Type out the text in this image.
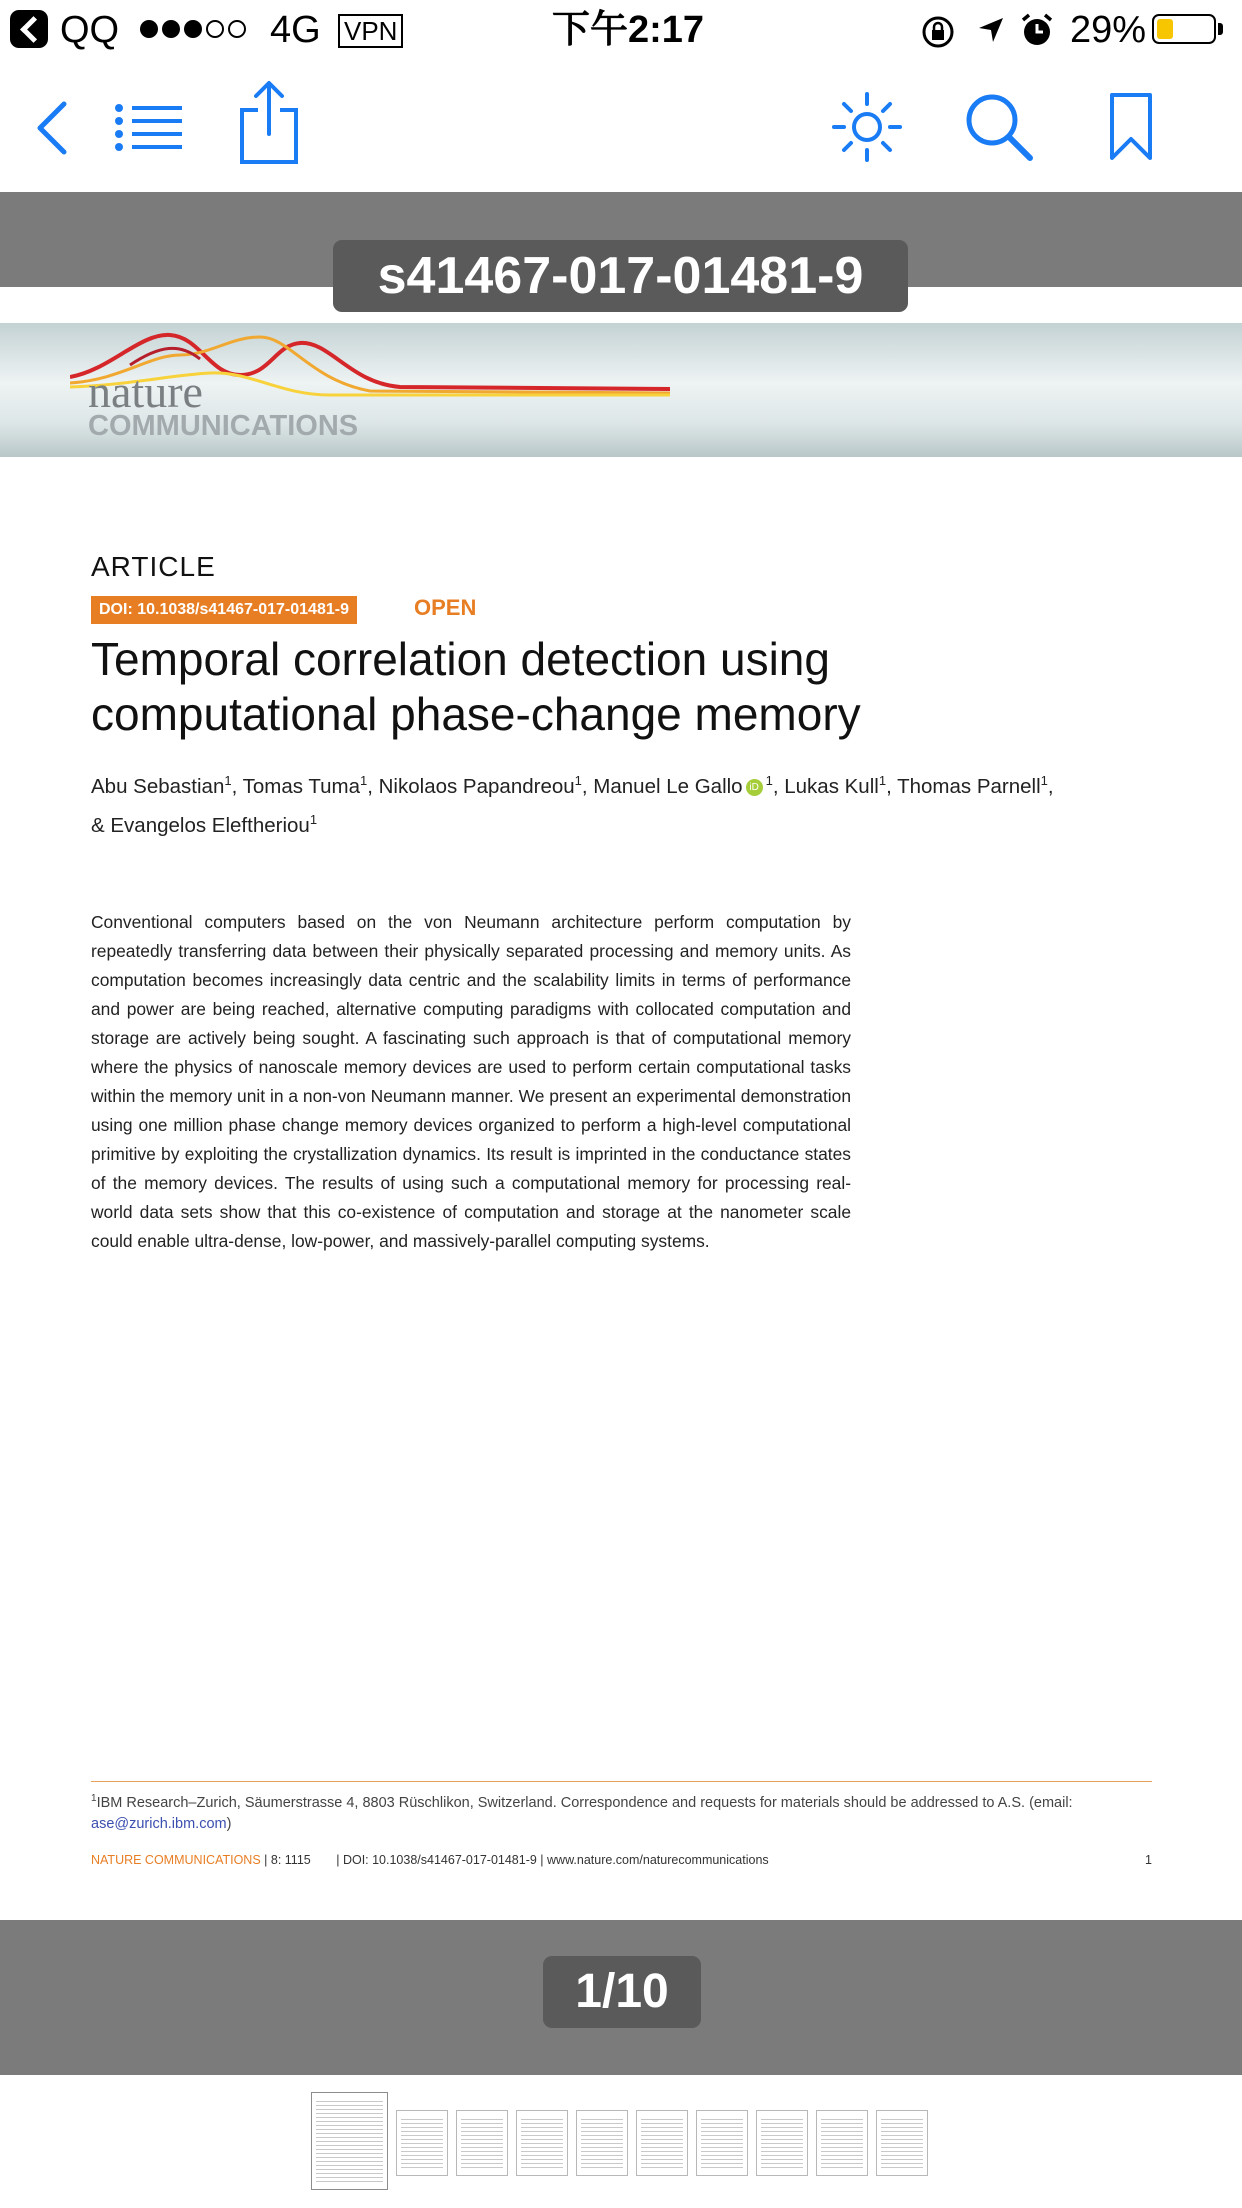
QQ	4G VPN	下午2:17	29%
nature
COMMUNICATIONS
s41467-017-01481-9
ARTICLE
DOI: 10.1038/s41467-017-01481-9	OPEN
Temporal correlation detection using computational phase-change memory
Abu Sebastian$^1$, Tomas Tuma$^1$, Nikolaos Papandreou$^1$, Manuel Le Gallo iD $^1$, Lukas Kull$^1$, Thomas Parnell$^1$,
& Evangelos Eleftheriou$^1$
Conventional computers based on the von Neumann architecture perform computation by repeatedly transferring data between their physically separated processing and memory units. As computation becomes increasingly data centric and the scalability limits in terms of performance and power are being reached, alternative computing paradigms with collocated computation and storage are actively being sought. A fascinating such approach is that of computational memory where the physics of nanoscale memory devices are used to perform certain computational tasks within the memory unit in a non-von Neumann manner. We present an experimental demonstration using one million phase change memory devices organized to perform a high-level computational primitive by exploiting the crystallization dynamics. Its result is imprinted in the conductance states of the memory devices. The results of using such a computational memory for processing real-world data sets show that this co-existence of computation and storage at the nanometer scale could enable ultra-dense, low-power, and massively-parallel computing systems.
$^1$IBM Research–Zurich, Säumerstrasse 4, 8803 Rüschlikon, Switzerland. Correspondence and requests for materials should be addressed to A.S. (email: ase@zurich.ibm.com)
NATURE COMMUNICATIONS | 8: 1115 | DOI: 10.1038/s41467-017-01481-9 | www.nature.com/naturecommunications	1
1/10
